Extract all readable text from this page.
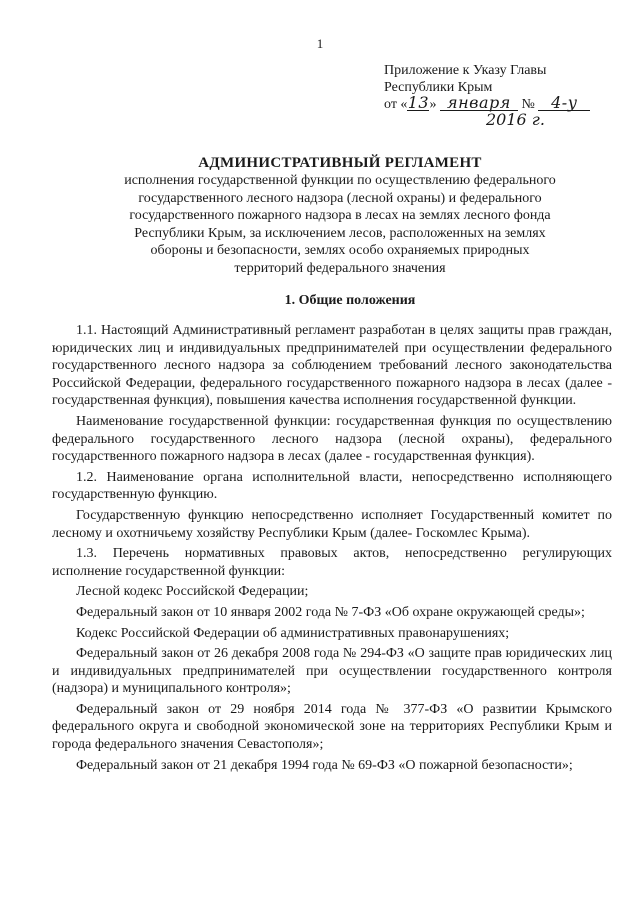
1
Приложение к Указу Главы
Республики Крым
от «13» января № 4-у
2016 г.
АДМИНИСТРАТИВНЫЙ РЕГЛАМЕНТ
исполнения государственной функции по осуществлению федерального
государственного лесного надзора (лесной охраны) и федерального
государственного пожарного надзора в лесах на землях лесного фонда
Республики Крым, за исключением лесов, расположенных на землях
обороны и безопасности, землях особо охраняемых природных
территорий федерального значения
1. Общие положения

1.1. Настоящий Административный регламент разработан в целях защиты прав граждан, юридических лиц и индивидуальных предпринимателей при осуществлении федерального государственного лесного надзора за соблюдением требований лесного законодательства Российской Федерации, федерального государственного пожарного надзора в лесах (далее - государственная функция), повышения качества исполнения государственной функции.

Наименование государственной функции: государственная функция по осуществлению федерального государственного лесного надзора (лесной охраны), федерального государственного пожарного надзора в лесах (далее - государственная функция).

1.2. Наименование органа исполнительной власти, непосредственно исполняющего государственную функцию.

Государственную функцию непосредственно исполняет Государственный комитет по лесному и охотничьему хозяйству Республики Крым (далее- Госкомлес Крыма).

1.3. Перечень нормативных правовых актов, непосредственно регулирующих исполнение государственной функции:

Лесной кодекс Российской Федерации;

Федеральный закон от 10 января 2002 года № 7-ФЗ «Об охране окружающей среды»;

Кодекс Российской Федерации об административных правонарушениях;

Федеральный закон от 26 декабря 2008 года № 294-ФЗ «О защите прав юридических лиц и индивидуальных предпринимателей при осуществлении государственного контроля (надзора) и муниципального контроля»;

Федеральный закон от 29 ноября 2014 года № 377-ФЗ «О развитии Крымского федерального округа и свободной экономической зоне на территориях Республики Крым и города федерального значения Севастополя»;

Федеральный закон от 21 декабря 1994 года № 69-ФЗ «О пожарной безопасности»;
